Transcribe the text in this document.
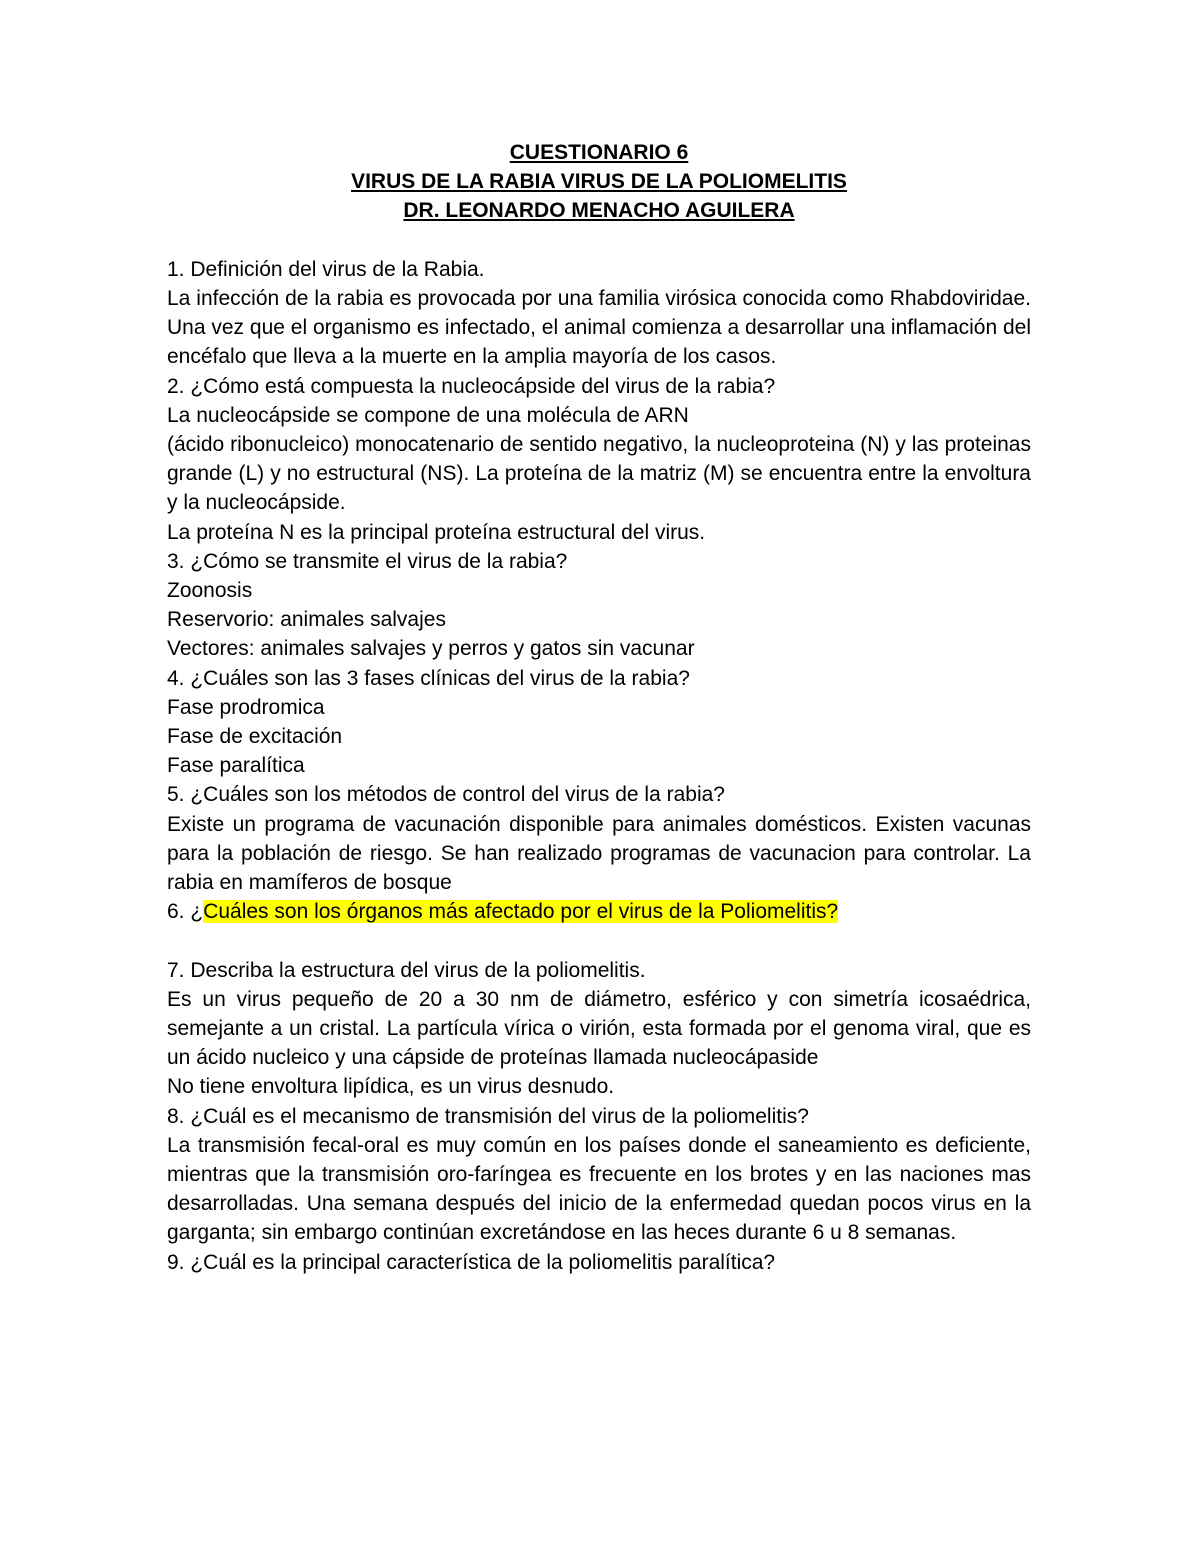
CUESTIONARIO 6

VIRUS DE LA RABIA VIRUS DE LA POLIOMELITIS

DR. LEONARDO MENACHO AGUILERA

1. Definición del virus de la Rabia.

La infección de la rabia es provocada por una familia virósica conocida como Rhabdoviridae. Una vez que el organismo es infectado, el animal comienza a desarrollar una inflamación del encéfalo que lleva a la muerte en la amplia mayoría de los casos.

2. ¿Cómo está compuesta la nucleocápside del virus de la rabia?

La nucleocápside se compone de una molécula de ARN

(ácido ribonucleico) monocatenario de sentido negativo, la nucleoproteina (N) y las proteinas grande (L) y no estructural (NS). La proteína de la matriz (M) se encuentra entre la envoltura y la nucleocápside.

La proteína N es la principal proteína estructural del virus.

3. ¿Cómo se transmite el virus de la rabia?

Zoonosis

Reservorio: animales salvajes

Vectores: animales salvajes y perros y gatos sin vacunar

4. ¿Cuáles son las 3 fases clínicas del virus de la rabia?

Fase prodromica

Fase de excitación

Fase paralítica

5. ¿Cuáles son los métodos de control del virus de la rabia?

Existe un programa de vacunación disponible para animales domésticos. Existen vacunas para la población de riesgo. Se han realizado programas de vacunacion para controlar. La rabia en mamíferos de bosque

6. ¿Cuáles son los órganos más afectado por el virus de la Poliomelitis?

7. Describa la estructura del virus de la poliomelitis.

Es un virus pequeño de 20 a 30 nm de diámetro, esférico y con simetría icosaédrica, semejante a un cristal. La partícula vírica o virión, esta formada por el genoma viral, que es un ácido nucleico y una cápside de proteínas llamada nucleocápaside

No tiene envoltura lipídica, es un virus desnudo.

8. ¿Cuál es el mecanismo de transmisión del virus de la poliomelitis?

La transmisión fecal-oral es muy común en los países donde el saneamiento es deficiente, mientras que la transmisión oro-faríngea es frecuente en los brotes y en las naciones mas desarrolladas. Una semana después del inicio de la enfermedad quedan pocos virus en la garganta; sin embargo continúan excretándose en las heces durante 6 u 8 semanas.

9. ¿Cuál es la principal característica de la poliomelitis paralítica?
